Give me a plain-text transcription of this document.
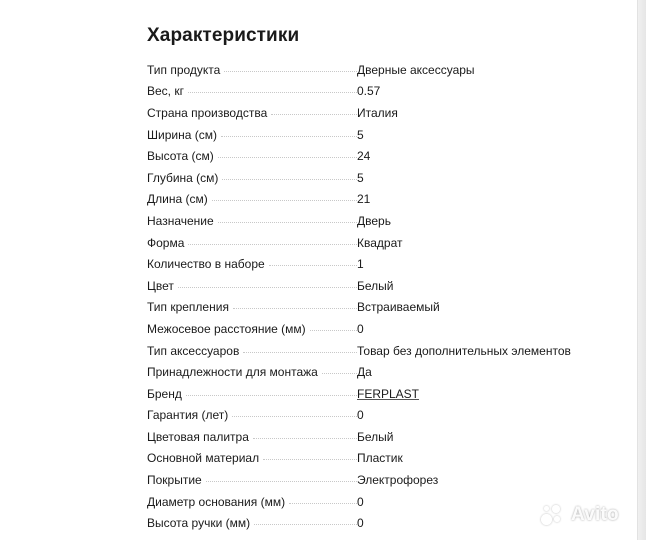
Характеристики
Тип продукта	Дверные аксессуары
Вес, кг	0.57
Страна производства	Италия
Ширина (см)	5
Высота (см)	24
Глубина (см)	5
Длина (см)	21
Назначение	Дверь
Форма	Квадрат
Количество в наборе	1
Цвет	Белый
Тип крепления	Встраиваемый
Межосевое расстояние (мм)	0
Тип аксессуаров	Товар без дополнительных элементов
Принадлежности для монтажа	Да
Бренд	FERPLAST
Гарантия (лет)	0
Цветовая палитра	Белый
Основной материал	Пластик
Покрытие	Электрофорез
Диаметр основания (мм)	0
Высота ручки (мм)	0	Avito
